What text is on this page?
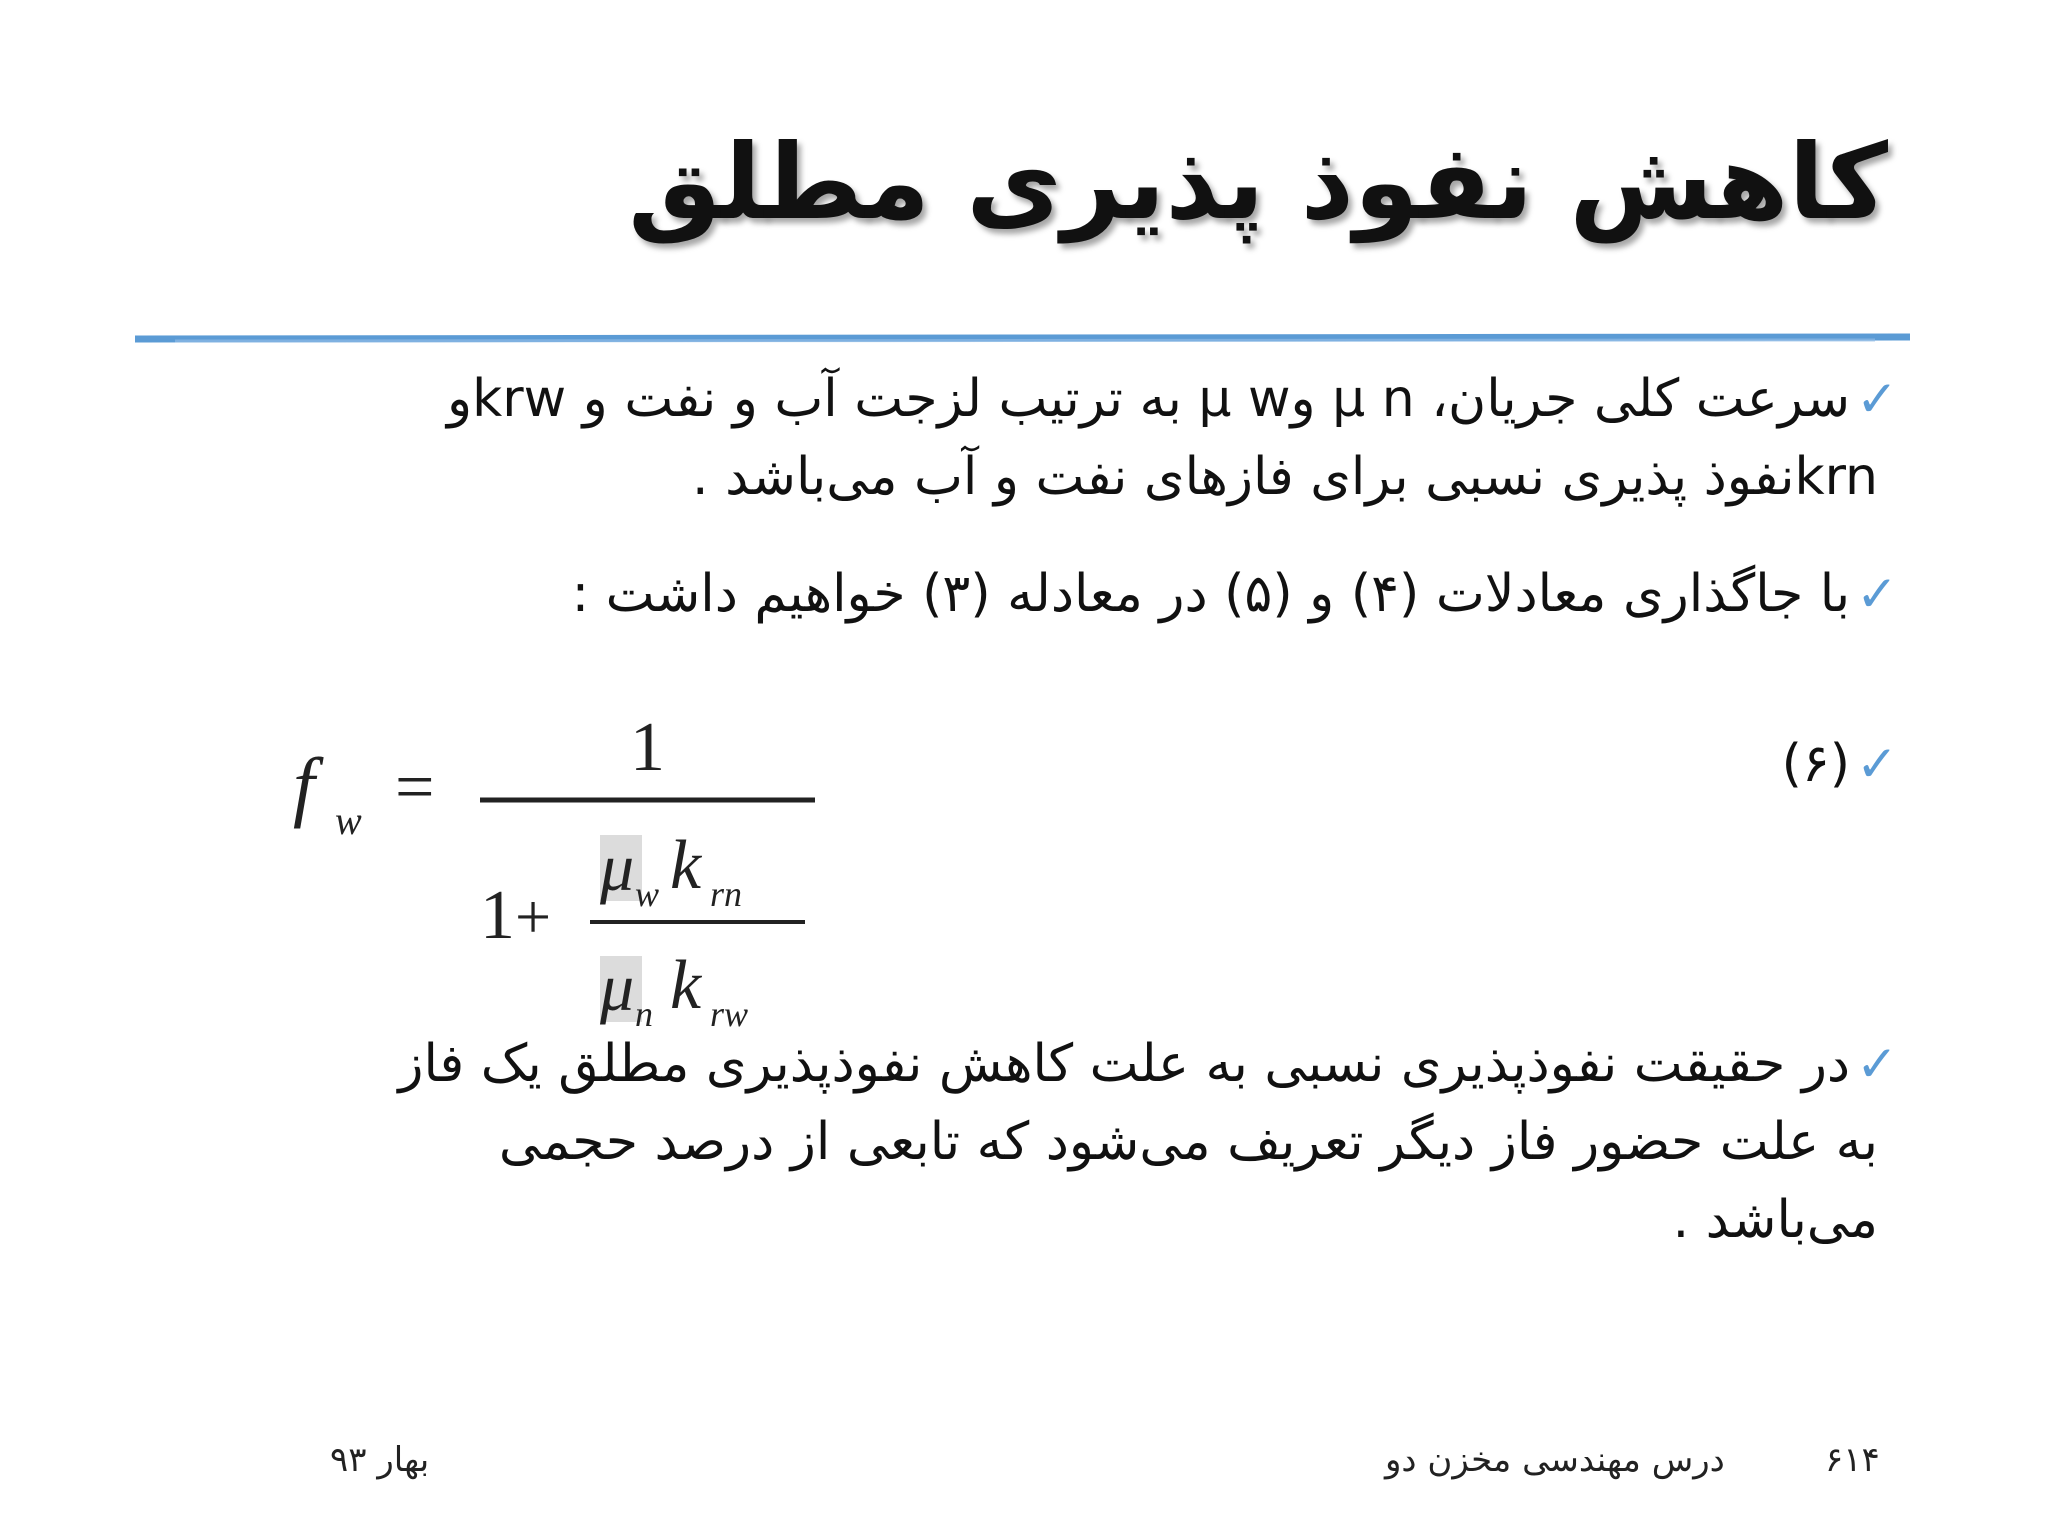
کاهش نفوذ پذیری مطلق
✓سرعت کلی جریان، μ n وμ w به ترتیب لزجت آب و نفت و krwو
krnنفوذ پذیری نسبی برای فازهای نفت و آب می‌باشد .
✓با جاگذاری معادلات (۴) و (۵) در معادله (۳) خواهیم داشت :
✓(۶)
f w =
1
1 +
μ w k rn
μ n k rw
✓در حقیقت نفوذپذیری نسبی به علت کاهش نفوذپذیری مطلق یک فاز
به علت حضور فاز دیگر تعریف می‌شود که تابعی از درصد حجمی
می‌باشد .
بهار ۹۳	درس مهندسی مخزن دو	۶۱۴
